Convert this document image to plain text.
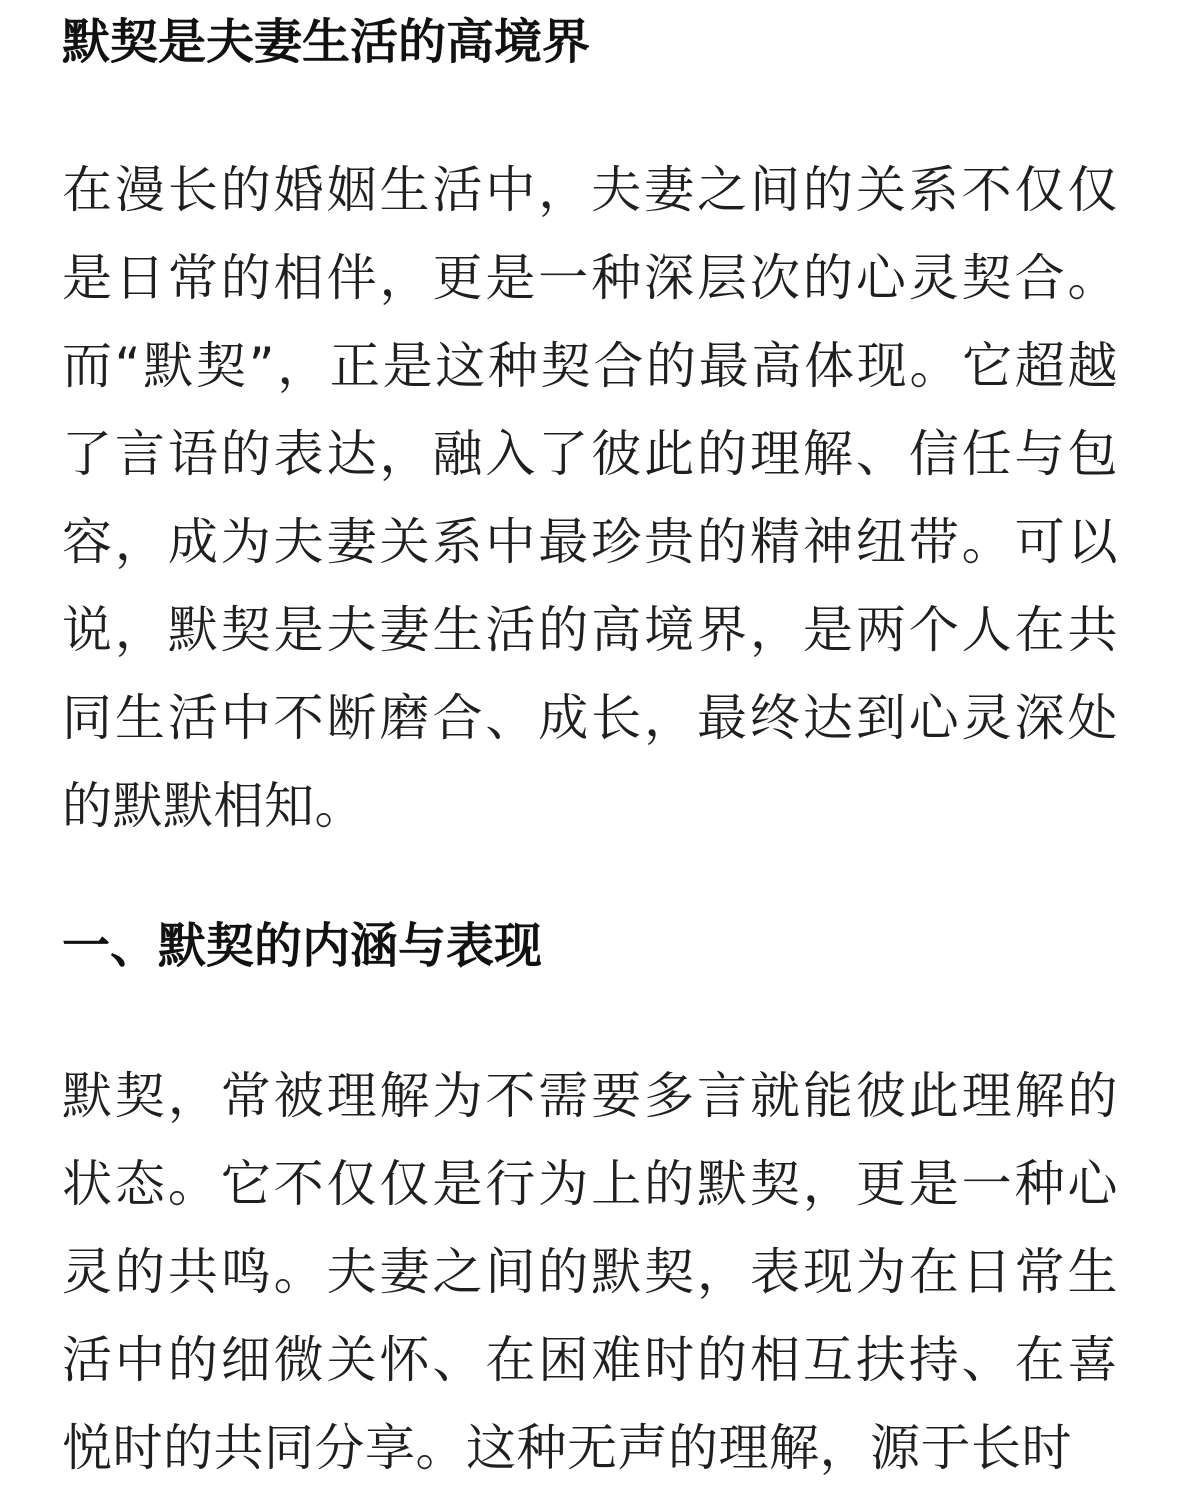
默契是夫妻生活的高境界

在漫长的婚姻生活中，夫妻之间的关系不仅仅是日常的相伴，更是一种深层次的心灵契合。而“默契”，正是这种契合的最高体现。它超越了言语的表达，融入了彼此的理解、信任与包容，成为夫妻关系中最珍贵的精神纽带。可以说，默契是夫妻生活的高境界，是两个人在共同生活中不断磨合、成长，最终达到心灵深处的默默相知。

一、默契的内涵与表现

默契，常被理解为不需要多言就能彼此理解的状态。它不仅仅是行为上的默契，更是一种心灵的共鸣。夫妻之间的默契，表现为在日常生活中的细微关怀、在困难时的相互扶持、在喜悦时的共同分享。这种无声的理解，源于长时
